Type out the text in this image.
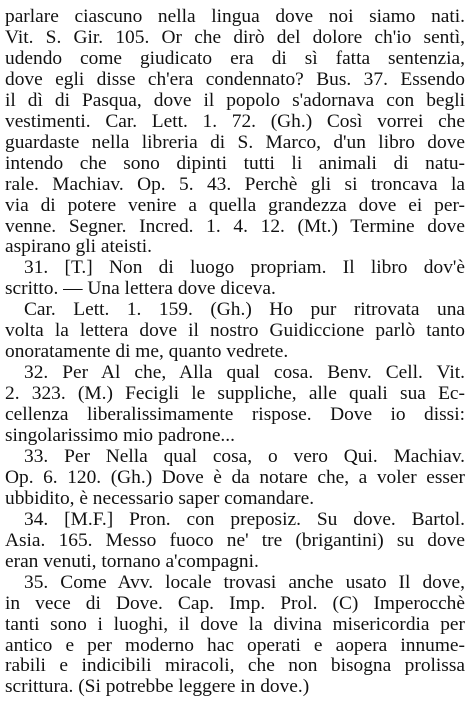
parlare ciascuno nella lingua dove noi siamo nati.
Vit. S. Gir. 105. Or che dirò del dolore ch'io sentì,
udendo come giudicato era di sì fatta sentenzia,
dove egli disse ch'era condennato? Bus. 37. Essendo
il dì di Pasqua, dove il popolo s'adornava con begli
vestimenti. Car. Lett. 1. 72. (Gh.) Così vorrei che
guardaste nella libreria di S. Marco, d'un libro dove
intendo che sono dipinti tutti li animali di natu-
rale. Machiav. Op. 5. 43. Perchè gli si troncava la
via di potere venire a quella grandezza dove ei per-
venne. Segner. Incred. 1. 4. 12. (Mt.) Termine dove
aspirano gli ateisti.
31. [T.] Non di luogo propriam. Il libro dov'è
scritto. — Una lettera dove diceva.
Car. Lett. 1. 159. (Gh.) Ho pur ritrovata una
volta la lettera dove il nostro Guidiccione parlò tanto
onoratamente di me, quanto vedrete.
32. Per Al che, Alla qual cosa. Benv. Cell. Vit.
2. 323. (M.) Fecigli le suppliche, alle quali sua Ec-
cellenza liberalissimamente rispose. Dove io dissi:
singolarissimo mio padrone...
33. Per Nella qual cosa, o vero Qui. Machiav.
Op. 6. 120. (Gh.) Dove è da notare che, a voler esser
ubbidito, è necessario saper comandare.
34. [M.F.] Pron. con preposiz. Su dove. Bartol.
Asia. 165. Messo fuoco ne' tre (brigantini) su dove
eran venuti, tornano a'compagni.
35. Come Avv. locale trovasi anche usato Il dove,
in vece di Dove. Cap. Imp. Prol. (C) Imperocchè
tanti sono i luoghi, il dove la divina misericordia per
antico e per moderno hac operati e aopera innume-
rabili e indicibili miracoli, che non bisogna prolissa
scrittura. (Si potrebbe leggere in dove.)
